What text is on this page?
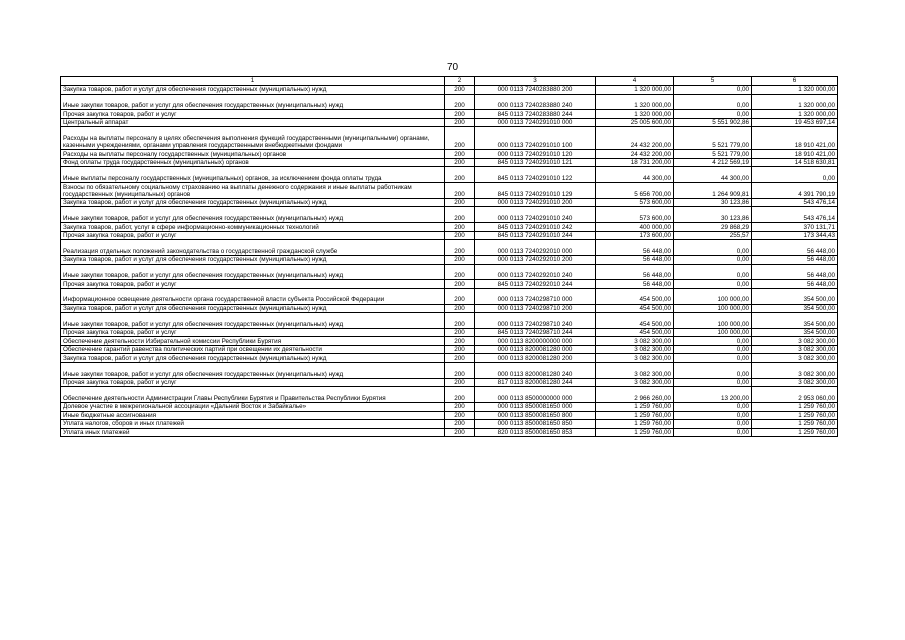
70
1	2	3	4	5	6
Закупка товаров, работ и услуг для обеспечения государственных (муниципальных) нужд	200	000 0113 7240283880 200	1 320 000,00	0,00	1 320 000,00
Иные закупки товаров, работ и услуг для обеспечения государственных (муниципальных) нужд	200	000 0113 7240283880 240	1 320 000,00	0,00	1 320 000,00
Прочая закупка товаров, работ и услуг	200	845 0113 7240283880 244	1 320 000,00	0,00	1 320 000,00
Центральный аппарат	200	000 0113 7240291010 000	25 005 600,00	5 551 902,86	19 453 697,14
Расходы на выплаты персоналу в целях обеспечения выполнения функций государственными (муниципальными) органами, казенными учреждениями, органами управления государственными внебюджетными фондами	200	000 0113 7240291010 100	24 432 200,00	5 521 779,00	18 910 421,00
Расходы на выплаты персоналу государственных (муниципальных) органов	200	000 0113 7240291010 120	24 432 200,00	5 521 779,00	18 910 421,00
Фонд оплаты труда государственных (муниципальных) органов	200	845 0113 7240291010 121	18 731 200,00	4 212 569,19	14 518 630,81
Иные выплаты персоналу государственных (муниципальных) органов, за исключением фонда оплаты труда	200	845 0113 7240291010 122	44 300,00	44 300,00	0,00
Взносы по обязательному социальному страхованию на выплаты денежного содержания и иные выплаты работникам государственных (муниципальных) органов	200	845 0113 7240291010 129	5 656 700,00	1 264 909,81	4 391 790,19
Закупка товаров, работ и услуг для обеспечения государственных (муниципальных) нужд	200	000 0113 7240291010 200	573 600,00	30 123,86	543 476,14
Иные закупки товаров, работ и услуг для обеспечения государственных (муниципальных) нужд	200	000 0113 7240291010 240	573 600,00	30 123,86	543 476,14
Закупка товаров, работ, услуг в сфере информационно-коммуникационных технологий	200	845 0113 7240291010 242	400 000,00	29 868,29	370 131,71
Прочая закупка товаров, работ и услуг	200	845 0113 7240291010 244	173 600,00	255,57	173 344,43
Реализация отдельных положений законодательства о государственной гражданской службе	200	000 0113 7240292010 000	56 448,00	0,00	56 448,00
Закупка товаров, работ и услуг для обеспечения государственных (муниципальных) нужд	200	000 0113 7240292010 200	56 448,00	0,00	56 448,00
Иные закупки товаров, работ и услуг для обеспечения государственных (муниципальных) нужд	200	000 0113 7240292010 240	56 448,00	0,00	56 448,00
Прочая закупка товаров, работ и услуг	200	845 0113 7240292010 244	56 448,00	0,00	56 448,00
Информационное освещение деятельности органа государственной власти субъекта Российской Федерации	200	000 0113 7240298710 000	454 500,00	100 000,00	354 500,00
Закупка товаров, работ и услуг для обеспечения государственных (муниципальных) нужд	200	000 0113 7240298710 200	454 500,00	100 000,00	354 500,00
Иные закупки товаров, работ и услуг для обеспечения государственных (муниципальных) нужд	200	000 0113 7240298710 240	454 500,00	100 000,00	354 500,00
Прочая закупка товаров, работ и услуг	200	845 0113 7240298710 244	454 500,00	100 000,00	354 500,00
Обеспечение деятельности Избирательной комиссии Республики Бурятия	200	000 0113 8200000000 000	3 082 300,00	0,00	3 082 300,00
Обеспечение гарантий равенства политических партий при освещении их деятельности	200	000 0113 8200081280 000	3 082 300,00	0,00	3 082 300,00
Закупка товаров, работ и услуг для обеспечения государственных (муниципальных) нужд	200	000 0113 8200081280 200	3 082 300,00	0,00	3 082 300,00
Иные закупки товаров, работ и услуг для обеспечения государственных (муниципальных) нужд	200	000 0113 8200081280 240	3 082 300,00	0,00	3 082 300,00
Прочая закупка товаров, работ и услуг	200	817 0113 8200081280 244	3 082 300,00	0,00	3 082 300,00
Обеспечение деятельности Администрации Главы Республики Бурятия и Правительства Республики Бурятия	200	000 0113 8500000000 000	2 966 260,00	13 200,00	2 953 060,00
Долевое участие в межрегиональной ассоциации «Дальний Восток и Забайкалье»	200	000 0113 8500081650 000	1 259 760,00	0,00	1 259 760,00
Иные бюджетные ассигнования	200	000 0113 8500081650 800	1 259 760,00	0,00	1 259 760,00
Уплата налогов, сборов и иных платежей	200	000 0113 8500081650 850	1 259 760,00	0,00	1 259 760,00
Уплата иных платежей	200	820 0113 8500081650 853	1 259 760,00	0,00	1 259 760,00
